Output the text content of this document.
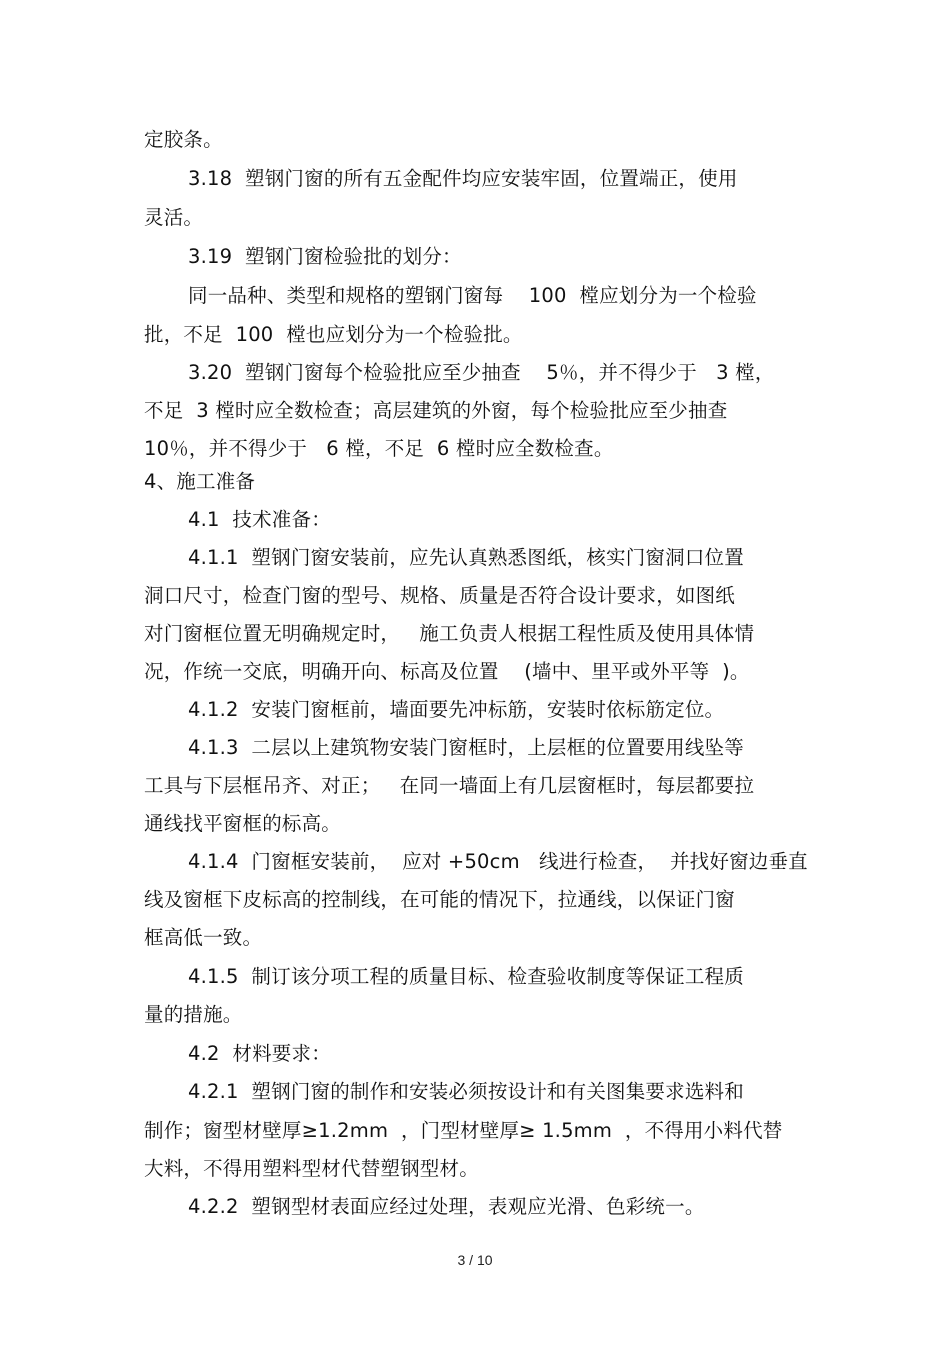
定胶条。
3.18  塑钢门窗的所有五金配件均应安装牢固，位置端正，使用
灵活。
3.19  塑钢门窗检验批的划分：
同一品种、类型和规格的塑钢门窗每    100  樘应划分为一个检验
批，不足  100  樘也应划分为一个检验批。
3.20  塑钢门窗每个检验批应至少抽查    5％，并不得少于   3 樘，
不足  3 樘时应全数检查；高层建筑的外窗，每个检验批应至少抽查
10％，并不得少于   6 樘，不足  6 樘时应全数检查。
4、施工准备
4.1  技术准备：
4.1.1  塑钢门窗安装前，应先认真熟悉图纸，核实门窗洞口位置
洞口尺寸，检查门窗的型号、规格、质量是否符合设计要求，如图纸
对门窗框位置无明确规定时，   施工负责人根据工程性质及使用具体情
况，作统一交底，明确开向、标高及位置    (墙中、里平或外平等  )。
4.1.2  安装门窗框前，墙面要先冲标筋，安装时依标筋定位。
4.1.3  二层以上建筑物安装门窗框时，上层框的位置要用线坠等
工具与下层框吊齐、对正；   在同一墙面上有几层窗框时，每层都要拉
通线找平窗框的标高。
4.1.4  门窗框安装前，  应对 +50cm   线进行检查，  并找好窗边垂直
线及窗框下皮标高的控制线，在可能的情况下，拉通线，以保证门窗
框高低一致。
4.1.5  制订该分项工程的质量目标、检查验收制度等保证工程质
量的措施。
4.2  材料要求：
4.2.1  塑钢门窗的制作和安装必须按设计和有关图集要求选料和
制作；窗型材壁厚≥1.2mm  ，门型材壁厚≥ 1.5mm  ，不得用小料代替
大料，不得用塑料型材代替塑钢型材。
4.2.2  塑钢型材表面应经过处理，表观应光滑、色彩统一。
3 / 10
